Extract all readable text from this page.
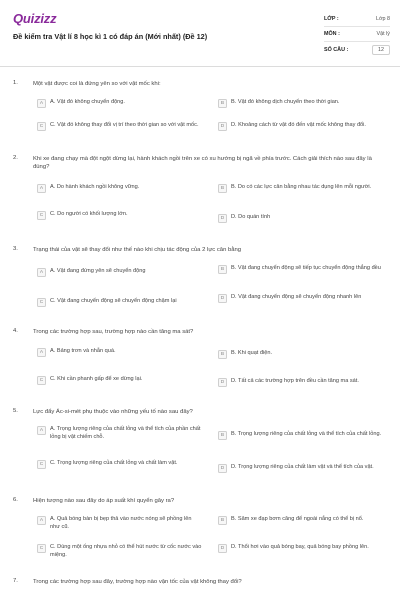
Quizizz
Đề kiểm tra Vật lí 8 học kì 1 có đáp án (Mới nhất) (Đề 12)
LỚP :	Lớp 8
MÔN :	Vật lý
SỐ CÂU :	12
1.	Một vật được coi là đứng yên so với vật mốc khi:
A	A. Vật đó không chuyển động.	B	B. Vật đó không dịch chuyển theo thời gian.
C	C. Vật đó không thay đổi vị trí theo thời gian so với vật mốc.	D	D. Khoảng cách từ vật đó đến vật mốc không thay đổi.
2.	Khi xe đang chạy mà đột ngột dừng lại, hành khách ngồi trên xe có xu hướng bị ngã về phía trước. Cách giải thích nào sau đây là đúng?
A	A. Do hành khách ngồi không vững.	B	B. Do có các lực cân bằng nhau tác dụng lên mỗi người.
C	C. Do người có khối lượng lớn.
D	D. Do quán tính
3.	Trạng thái của vật sẽ thay đổi như thế nào khi chịu tác động của 2 lực cân bằng
A	A. Vật đang đứng yên sẽ chuyển động	B	B. Vật đang chuyển động sẽ tiếp tục chuyển động thẳng đều
C	C. Vật đang chuyển động sẽ chuyển động chậm lại	D	D. Vật đang chuyển động sẽ chuyển động nhanh lên
4.	Trong các trường hợp sau, trường hợp nào cần tăng ma sát?
A	A. Bảng trơn và nhẵn quá.
B	B. Khi quạt điện.
C	C. Khi cần phanh gấp để xe dừng lại.
D	D. Tất cả các trường hợp trên đều cần tăng ma sát.
5.	Lực đẩy Ác-si-mét phụ thuộc vào những yếu tố nào sau đây?
A	A. Trọng lượng riêng của chất lỏng và thể tích của phần chất lỏng bị vật chiếm chỗ.	B	B. Trọng lượng riêng của chất lỏng và thể tích của chất lỏng.
C	C. Trọng lượng riêng của chất lỏng và chất làm vật.
D	D. Trọng lượng riêng của chất làm vật và thể tích của vật.
6.	Hiện tượng nào sau đây do áp suất khí quyển gây ra?
A	A. Quả bóng bàn bị bẹp thả vào nước nóng sẽ phồng lên như cũ.
B	B. Săm xe đạp bơm căng để ngoài nắng có thể bị nổ.
C	C. Dùng một ống nhựa nhỏ có thể hút nước từ cốc nước vào miệng.
D	D. Thổi hơi vào quả bóng bay, quả bóng bay phồng lên.
7.	Trong các trường hợp sau đây, trường hợp nào vận tốc của vật không thay đổi?
